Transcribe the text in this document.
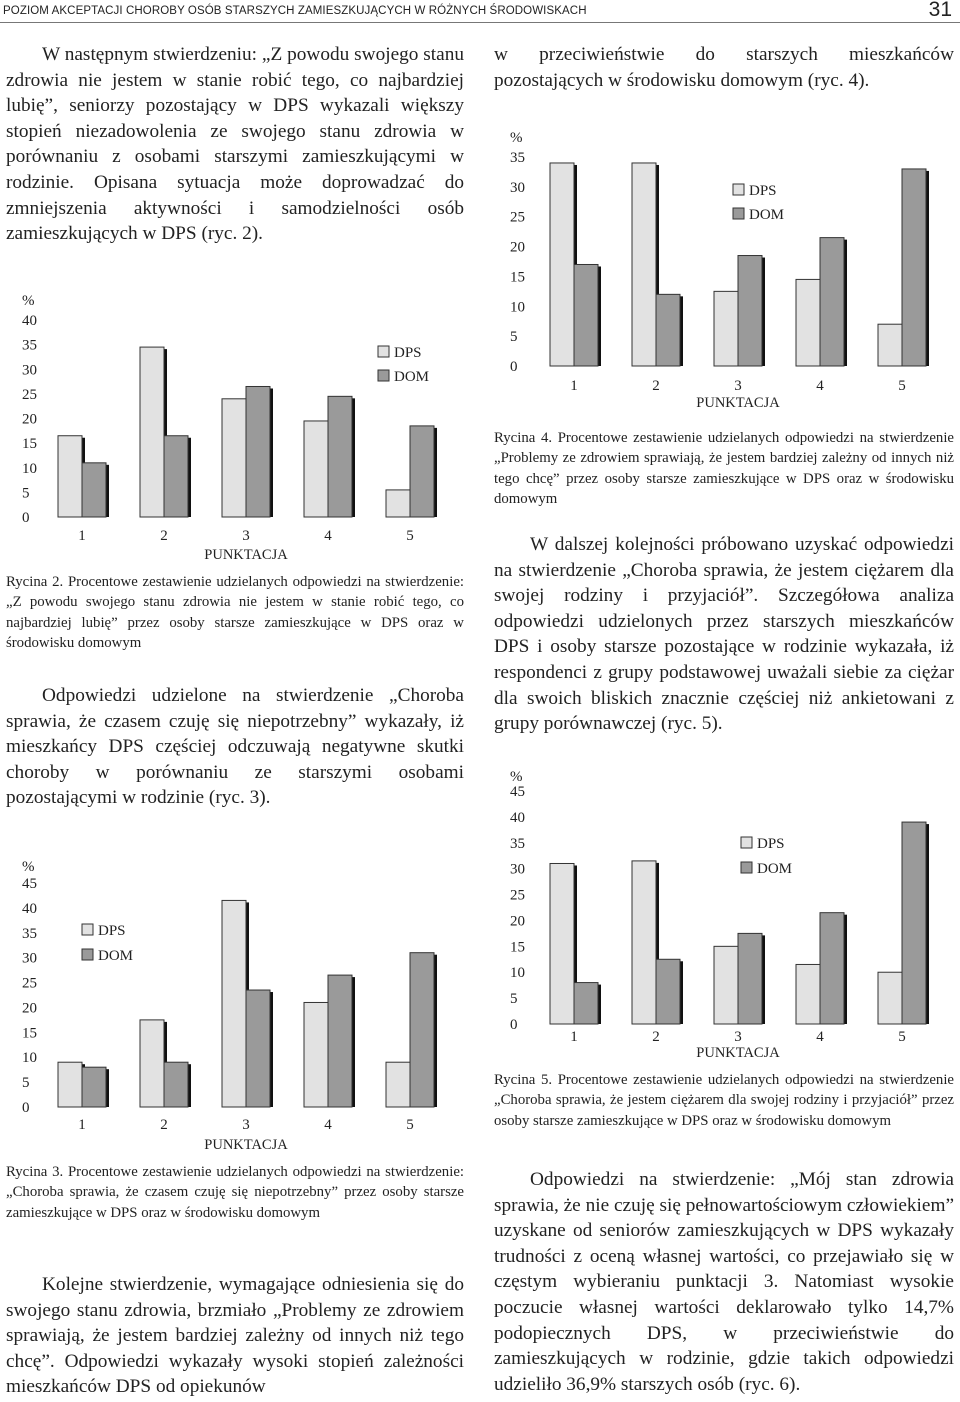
POZIOM AKCEPTACJI CHOROBY OSÓB STARSZYCH ZAMIESZKUJĄCYCH W RÓŻNYCH ŚRODOWISKACH	31

W następnym stwierdzeniu: „Z powodu swojego stanu zdrowia nie jestem w stanie robić tego, co najbardziej lubię”, seniorzy pozostający w DPS wykazali większy stopień niezadowolenia ze swojego stanu zdrowia w porównaniu z osobami starszymi zamieszkującymi w rodzinie. Opisana sytuacja może doprowadzać do zmniejszenia aktywności i samodzielności osób zamieszkujących w DPS (ryc. 2).

%
0
5
10
15
20
25
30
35
40
1	2	3	4	5
PUNKTACJA
DPS
DOM

Rycina 2. Procentowe zestawienie udzielanych odpowiedzi na stwierdzenie: „Z powodu swojego stanu zdrowia nie jestem w stanie robić tego, co najbardziej lubię” przez osoby starsze zamieszkujące w DPS oraz w środowisku domowym

Odpowiedzi udzielone na stwierdzenie „Choroba sprawia, że czasem czuję się niepotrzebny” wykazały, iż mieszkańcy DPS częściej odczuwają negatywne skutki choroby w porównaniu ze starszymi osobami pozostającymi w rodzinie (ryc. 3).

%
0
5
10
15
20
25
30
35
40
45
1	2	3	4	5
PUNKTACJA
DPS
DOM

Rycina 3. Procentowe zestawienie udzielanych odpowiedzi na stwierdzenie: „Choroba sprawia, że czasem czuję się niepotrzebny” przez osoby starsze zamieszkujące w DPS oraz w środowisku domowym

Kolejne stwierdzenie, wymagające odniesienia się do swojego stanu zdrowia, brzmiało „Problemy ze zdrowiem sprawiają, że jestem bardziej zależny od innych niż tego chcę”. Odpowiedzi wykazały wysoki stopień zależności mieszkańców DPS od opiekunów

w przeciwieństwie do starszych mieszkańców pozostających w środowisku domowym (ryc. 4).

%
0
5
10
15
20
25
30
35
1	2	3	4	5
PUNKTACJA
DPS
DOM

Rycina 4. Procentowe zestawienie udzielanych odpowiedzi na stwierdzenie „Problemy ze zdrowiem sprawiają, że jestem bardziej zależny od innych niż tego chcę” przez osoby starsze zamieszkujące w DPS oraz w środowisku domowym

W dalszej kolejności próbowano uzyskać odpowiedzi na stwierdzenie „Choroba sprawia, że jestem ciężarem dla swojej rodziny i przyjaciół”. Szczegółowa analiza odpowiedzi udzielonych przez starszych mieszkańców DPS i osoby starsze pozostające w rodzinie wykazała, iż respondenci z grupy podstawowej uważali siebie za ciężar dla swoich bliskich znacznie częściej niż ankietowani z grupy porównawczej (ryc. 5).

%
0
5
10
15
20
25
30
35
40
45
1	2	3	4	5
PUNKTACJA
DPS
DOM

Rycina 5. Procentowe zestawienie udzielanych odpowiedzi na stwierdzenie „Choroba sprawia, że jestem ciężarem dla swojej rodziny i przyjaciół” przez osoby starsze zamieszkujące w DPS oraz w środowisku domowym

Odpowiedzi na stwierdzenie: „Mój stan zdrowia sprawia, że nie czuję się pełnowartościowym człowiekiem” uzyskane od seniorów zamieszkujących w DPS wykazały trudności z oceną własnej wartości, co przejawiało się w częstym wybieraniu punktacji 3. Natomiast wysokie poczucie własnej wartości deklarowało tylko 14,7% podopiecznych DPS, w przeciwieństwie do zamieszkujących w rodzinie, gdzie takich odpowiedzi udzieliło 36,9% starszych osób (ryc. 6).
